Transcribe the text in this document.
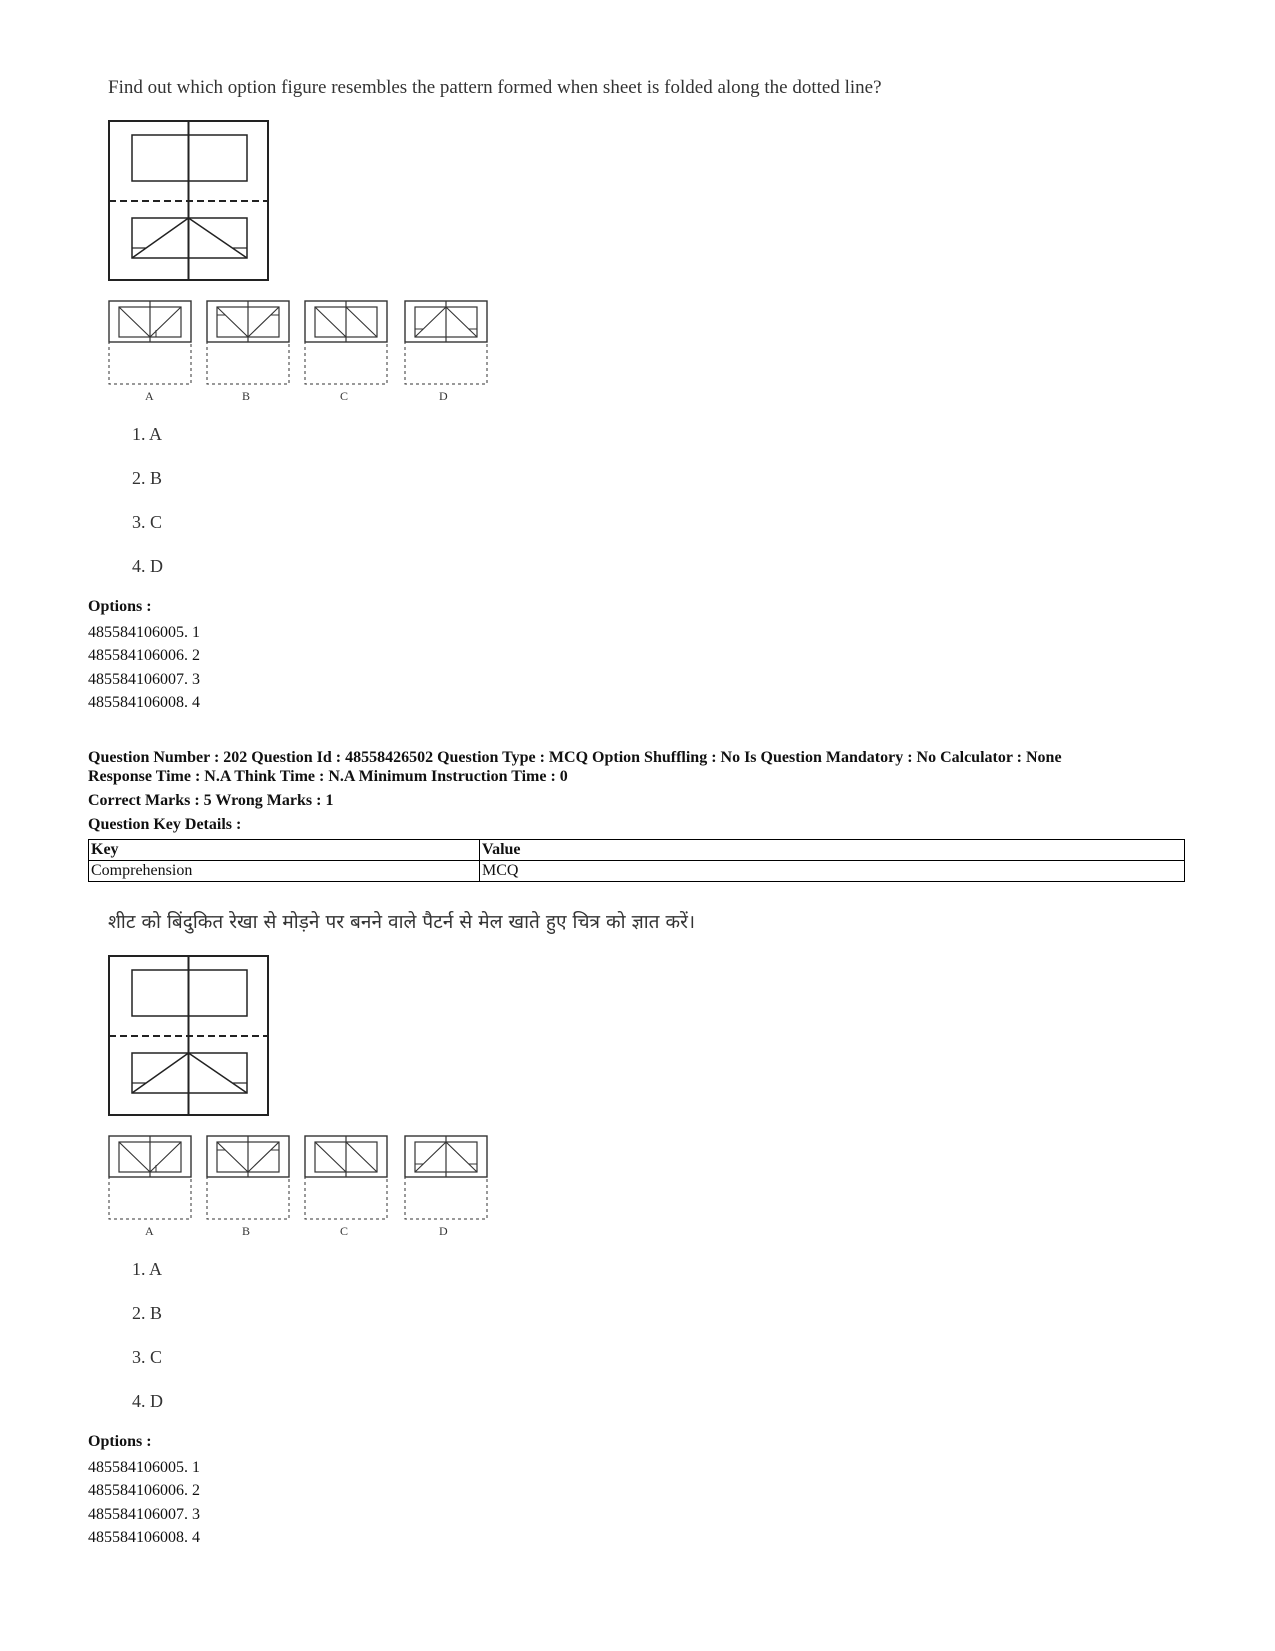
Find out which option figure resembles the pattern formed when sheet is folded along the dotted line?
A	B	C	D
1. A
2. B
3. C
4. D
Options :
485584106005. 1
485584106006. 2
485584106007. 3
485584106008. 4
Question Number : 202 Question Id : 48558426502 Question Type : MCQ Option Shuffling : No Is Question Mandatory : No Calculator : None
Response Time : N.A Think Time : N.A Minimum Instruction Time : 0
Correct Marks : 5 Wrong Marks : 1
Question Key Details :
Key	Value
Comprehension	MCQ
शीट को बिंदुकित रेखा से मोड़ने पर बनने वाले पैटर्न से मेल खाते हुए चित्र को ज्ञात करें।
A	B	C	D
1. A
2. B
3. C
4. D
Options :
485584106005. 1
485584106006. 2
485584106007. 3
485584106008. 4
